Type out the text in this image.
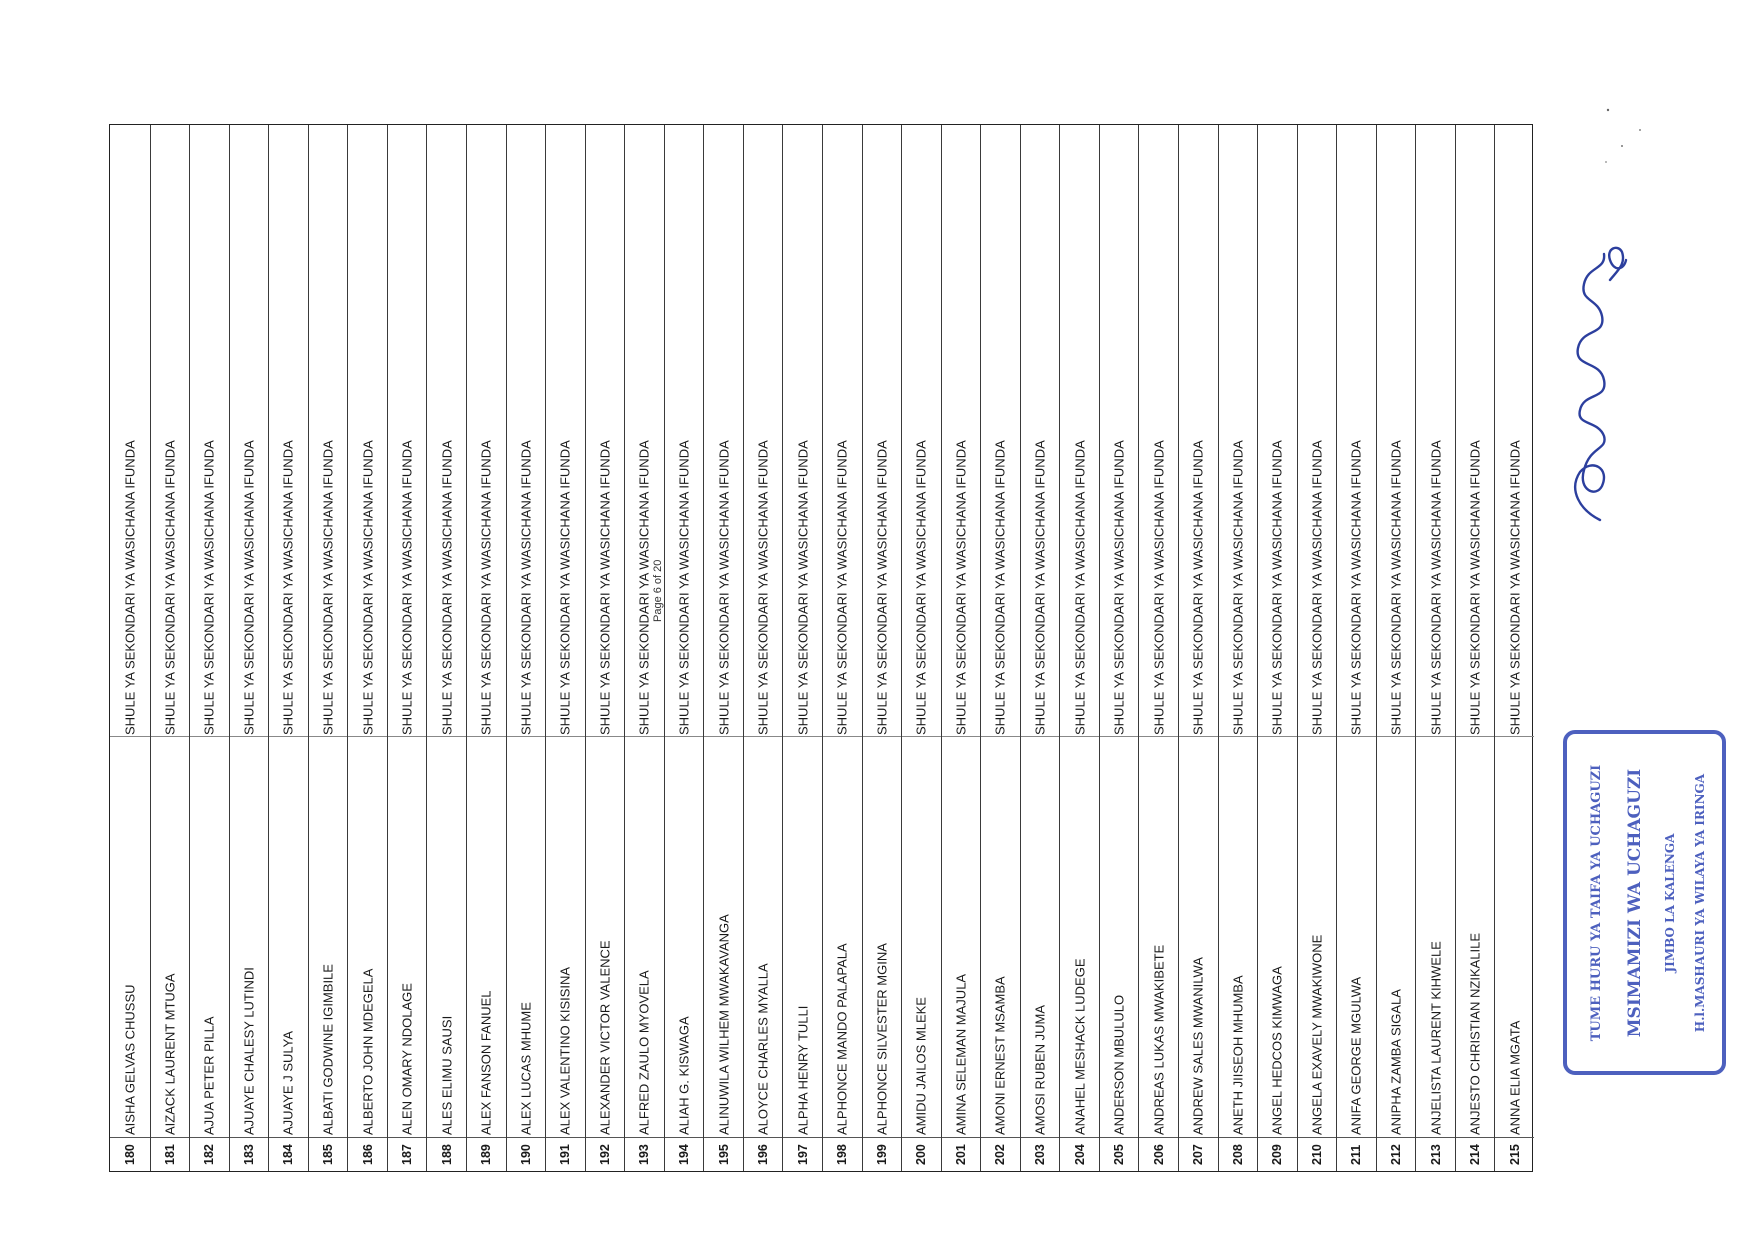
180
AISHA GELVAS CHUSSU
SHULE YA SEKONDARI YA WASICHANA IFUNDA
181
AIZACK LAURENT MTUGA
SHULE YA SEKONDARI YA WASICHANA IFUNDA
182
AJUA PETER PILLA
SHULE YA SEKONDARI YA WASICHANA IFUNDA
183
AJUAYE CHALESY LUTINDI
SHULE YA SEKONDARI YA WASICHANA IFUNDA
184
AJUAYE J SULYA
SHULE YA SEKONDARI YA WASICHANA IFUNDA
185
ALBATI GODWINE IGIMBILE
SHULE YA SEKONDARI YA WASICHANA IFUNDA
186
ALBERTO JOHN MDEGELA
SHULE YA SEKONDARI YA WASICHANA IFUNDA
187
ALEN OMARY NDOLAGE
SHULE YA SEKONDARI YA WASICHANA IFUNDA
188
ALES ELIMU SAUSI
SHULE YA SEKONDARI YA WASICHANA IFUNDA
189
ALEX FANSON FANUEL
SHULE YA SEKONDARI YA WASICHANA IFUNDA
190
ALEX LUCAS MHUME
SHULE YA SEKONDARI YA WASICHANA IFUNDA
191
ALEX VALENTINO KISISINA
SHULE YA SEKONDARI YA WASICHANA IFUNDA
192
ALEXANDER VICTOR VALENCE
SHULE YA SEKONDARI YA WASICHANA IFUNDA
193
ALFRED ZAULO MYOVELA
SHULE YA SEKONDARI YA WASICHANA IFUNDA
194
ALIAH G. KISWAGA
SHULE YA SEKONDARI YA WASICHANA IFUNDA
195
ALINUWILA WILHEM MWAKAVANGA
SHULE YA SEKONDARI YA WASICHANA IFUNDA
196
ALOYCE CHARLES MYALLA
SHULE YA SEKONDARI YA WASICHANA IFUNDA
197
ALPHA HENRY TULLI
SHULE YA SEKONDARI YA WASICHANA IFUNDA
198
ALPHONCE MANDO PALAPALA
SHULE YA SEKONDARI YA WASICHANA IFUNDA
199
ALPHONCE SILVESTER MGINA
SHULE YA SEKONDARI YA WASICHANA IFUNDA
200
AMIDU JAILOS MLEKE
SHULE YA SEKONDARI YA WASICHANA IFUNDA
201
AMINA SELEMAN MAJULA
SHULE YA SEKONDARI YA WASICHANA IFUNDA
202
AMONI ERNEST MSAMBA
SHULE YA SEKONDARI YA WASICHANA IFUNDA
203
AMOSI RUBEN JUMA
SHULE YA SEKONDARI YA WASICHANA IFUNDA
204
ANAHEL MESHACK LUDEGE
SHULE YA SEKONDARI YA WASICHANA IFUNDA
205
ANDERSON MBULULO
SHULE YA SEKONDARI YA WASICHANA IFUNDA
206
ANDREAS LUKAS MWAKIBETE
SHULE YA SEKONDARI YA WASICHANA IFUNDA
207
ANDREW SALES MWANILWA
SHULE YA SEKONDARI YA WASICHANA IFUNDA
208
ANETH JIISEOH MHUMBA
SHULE YA SEKONDARI YA WASICHANA IFUNDA
209
ANGEL HEDCOS KIMWAGA
SHULE YA SEKONDARI YA WASICHANA IFUNDA
210
ANGELA EXAVELY MWAKIWONE
SHULE YA SEKONDARI YA WASICHANA IFUNDA
211
ANIFA GEORGE MGULWA
SHULE YA SEKONDARI YA WASICHANA IFUNDA
212
ANIPHA ZAMBA SIGALA
SHULE YA SEKONDARI YA WASICHANA IFUNDA
213
ANJELISTA LAURENT KIHWELE
SHULE YA SEKONDARI YA WASICHANA IFUNDA
214
ANJESTO CHRISTIAN NZIKALILE
SHULE YA SEKONDARI YA WASICHANA IFUNDA
215
ANNA ELIA MGATA
SHULE YA SEKONDARI YA WASICHANA IFUNDA
Page 6 of 20
TUME HURU YA TAIFA YA UCHAGUZI MSIMAMIZI WA UCHAGUZI JIMBO LA KALENGA H.l.MASHAURI YA WILAYA YA IRINGA
